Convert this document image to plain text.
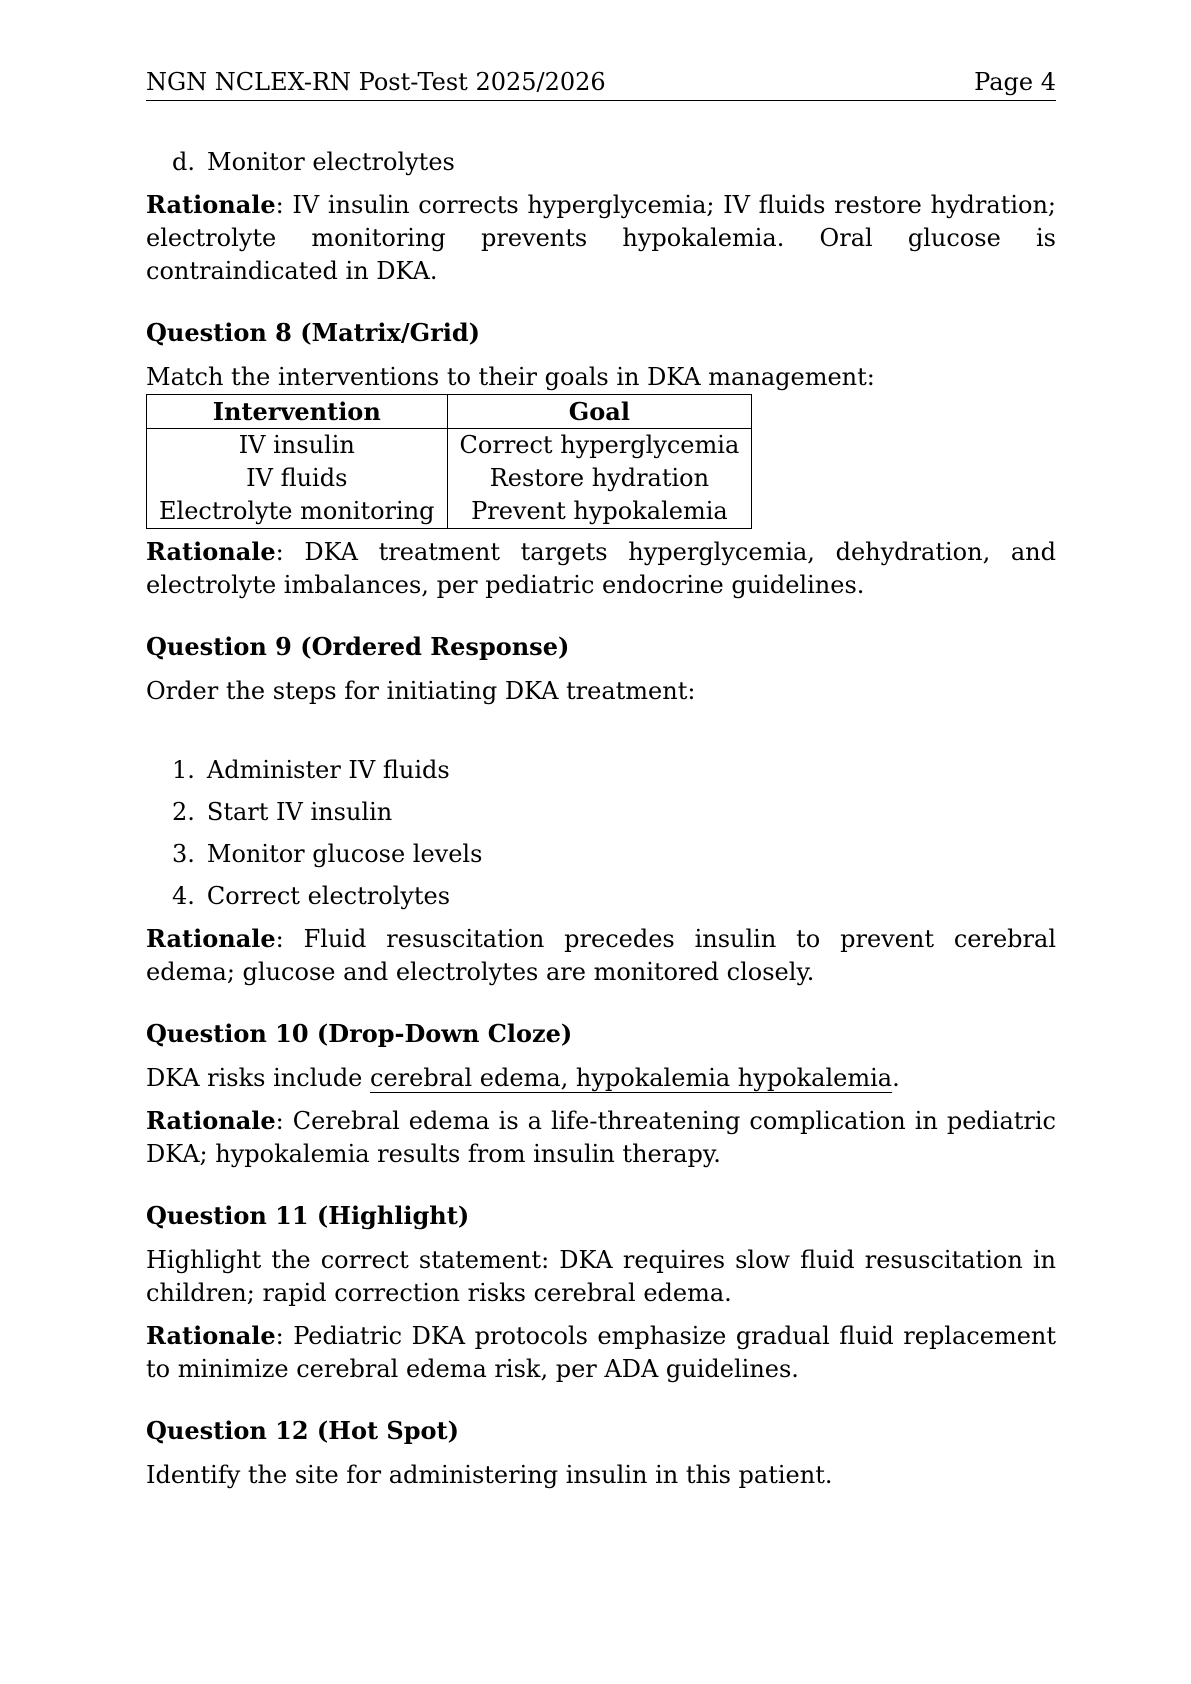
NGN NCLEX-RN Post-Test 2025/2026	Page 4
d. Monitor electrolytes

Rationale: IV insulin corrects hyperglycemia; IV fluids restore hydration; electrolyte monitoring prevents hypokalemia. Oral glucose is contraindicated in DKA.

Question 8 (Matrix/Grid)

Match the interventions to their goals in DKA management:

Intervention	Goal
IV insulin	Correct hyperglycemia
IV fluids	Restore hydration
Electrolyte monitoring	Prevent hypokalemia

Rationale: DKA treatment targets hyperglycemia, dehydration, and electrolyte imbalances, per pediatric endocrine guidelines.

Question 9 (Ordered Response)

Order the steps for initiating DKA treatment:

1. Administer IV fluids
2. Start IV insulin
3. Monitor glucose levels
4. Correct electrolytes

Rationale: Fluid resuscitation precedes insulin to prevent cerebral edema; glucose and electrolytes are monitored closely.

Question 10 (Drop-Down Cloze)

DKA risks include cerebral edema, hypokalemia hypokalemia.

Rationale: Cerebral edema is a life-threatening complication in pediatric DKA; hypokalemia results from insulin therapy.

Question 11 (Highlight)

Highlight the correct statement: DKA requires slow fluid resuscitation in children; rapid correction risks cerebral edema.

Rationale: Pediatric DKA protocols emphasize gradual fluid replacement to minimize cerebral edema risk, per ADA guidelines.

Question 12 (Hot Spot)

Identify the site for administering insulin in this patient.
